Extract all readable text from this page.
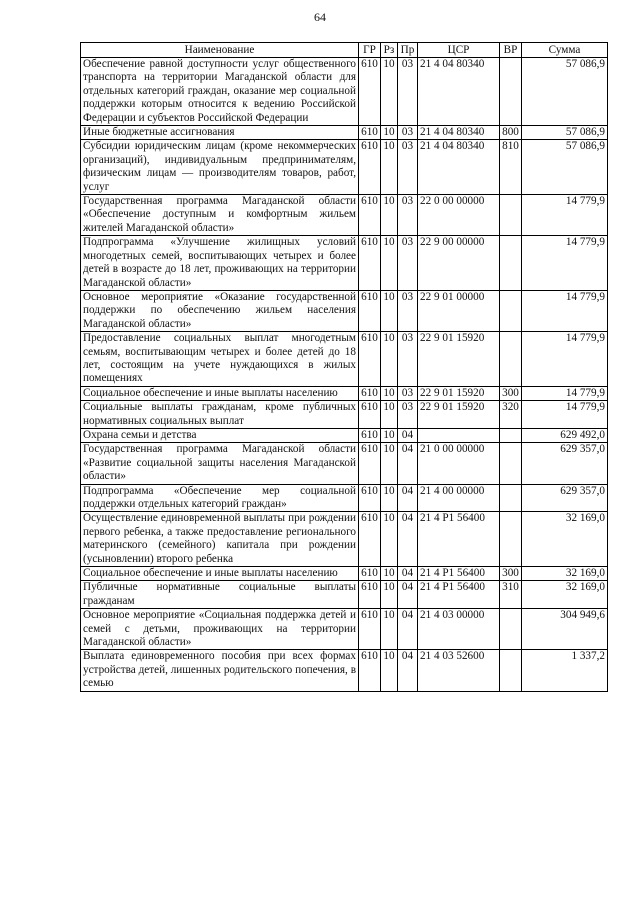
64
Наименование	ГР	Рз	Пр	ЦСР	ВР	Сумма
Обеспечение равной доступности услуг общественного транспорта на территории Магаданской области для отдельных категорий граждан, оказание мер социальной поддержки которым относится к ведению Российской Федерации и субъектов Российской Федерации	610	10	03	21 4 04 80340		57 086,9
Иные бюджетные ассигнования	610	10	03	21 4 04 80340	800	57 086,9
Субсидии юридическим лицам (кроме некоммерческих организаций), индивидуальным предпринимателям, физическим лицам — производителям товаров, работ, услуг	610	10	03	21 4 04 80340	810	57 086,9
Государственная программа Магаданской области «Обеспечение доступным и комфортным жильем жителей Магаданской области»	610	10	03	22 0 00 00000		14 779,9
Подпрограмма «Улучшение жилищных условий многодетных семей, воспитывающих четырех и более детей в возрасте до 18 лет, проживающих на территории Магаданской области»	610	10	03	22 9 00 00000		14 779,9
Основное мероприятие «Оказание государственной поддержки по обеспечению жильем населения Магаданской области»	610	10	03	22 9 01 00000		14 779,9
Предоставление социальных выплат многодетным семьям, воспитывающим четырех и более детей до 18 лет, состоящим на учете нуждающихся в жилых помещениях	610	10	03	22 9 01 15920		14 779,9
Социальное обеспечение и иные выплаты населению	610	10	03	22 9 01 15920	300	14 779,9
Социальные выплаты гражданам, кроме публичных нормативных социальных выплат	610	10	03	22 9 01 15920	320	14 779,9
Охрана семьи и детства	610	10	04			629 492,0
Государственная программа Магаданской области «Развитие социальной защиты населения Магаданской области»	610	10	04	21 0 00 00000		629 357,0
Подпрограмма «Обеспечение мер социальной поддержки отдельных категорий граждан»	610	10	04	21 4 00 00000		629 357,0
Осуществление единовременной выплаты при рождении первого ребенка, а также предоставление регионального материнского (семейного) капитала при рождении (усыновлении) второго ребенка	610	10	04	21 4 P1 56400		32 169,0
Социальное обеспечение и иные выплаты населению	610	10	04	21 4 P1 56400	300	32 169,0
Публичные нормативные социальные выплаты гражданам	610	10	04	21 4 P1 56400	310	32 169,0
Основное мероприятие «Социальная поддержка детей и семей с детьми, проживающих на территории Магаданской области»	610	10	04	21 4 03 00000		304 949,6
Выплата единовременного пособия при всех формах устройства детей, лишенных родительского попечения, в семью	610	10	04	21 4 03 52600		1 337,2
